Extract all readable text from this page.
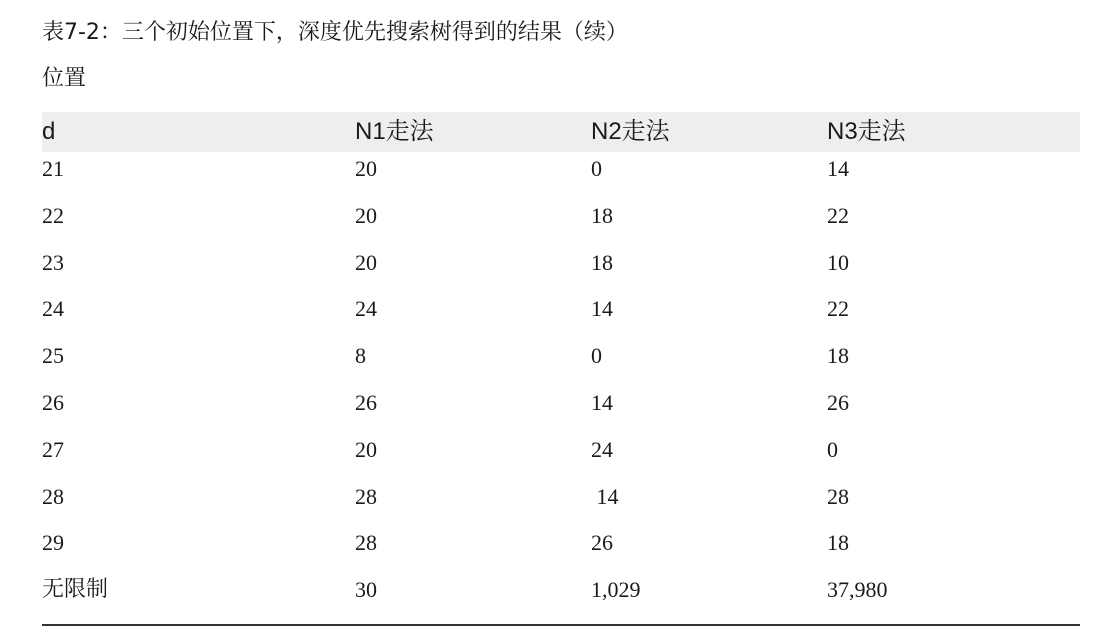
表7-2：三个初始位置下，深度优先搜索树得到的结果（续）
位置
d	N1走法	N2走法	N3走法
21	20	0	14
22	20	18	22
23	20	18	10
24	24	14	22
25	8	0	18
26	26	14	26
27	20	24	0
28	28	14	28
29	28	26	18
无限制	30	1,029	37,980
